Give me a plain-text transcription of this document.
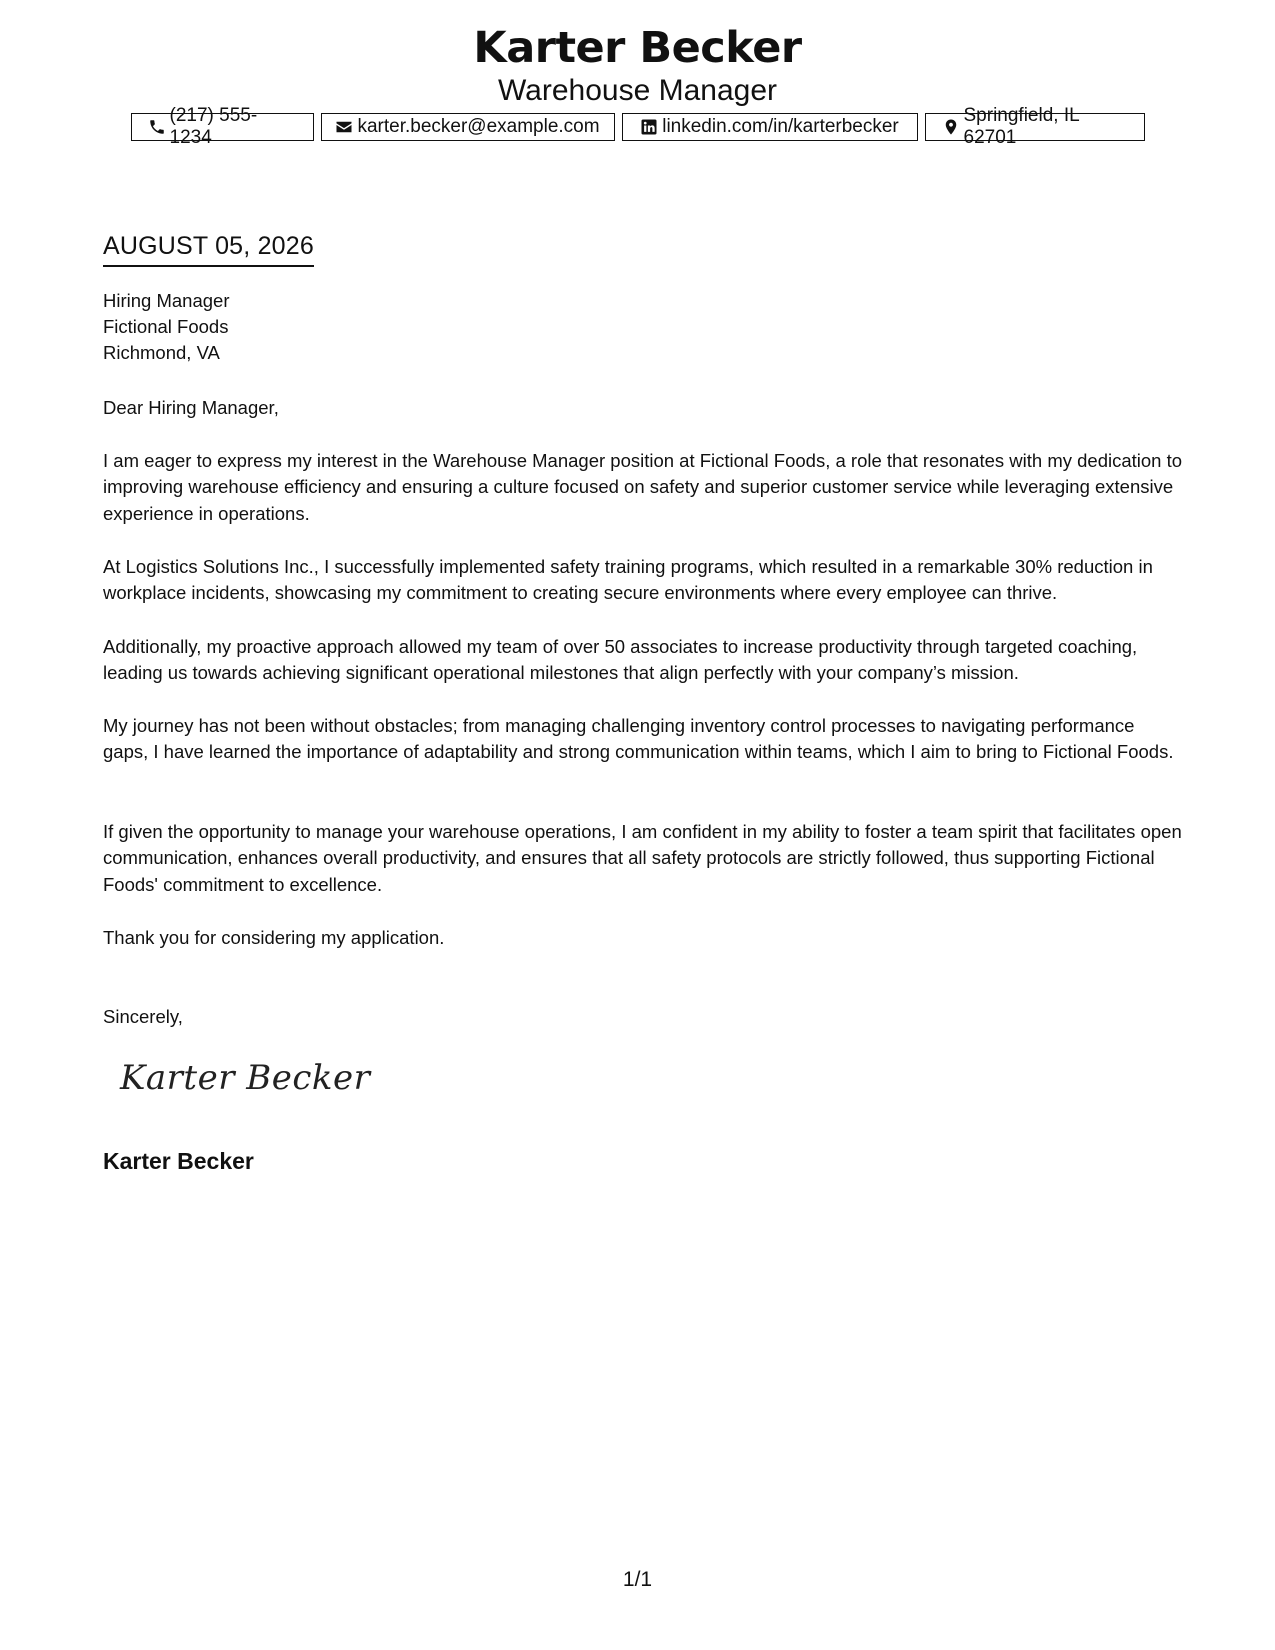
Karter Becker
Warehouse Manager
(217) 555-1234
karter.becker@example.com	linkedin.com/in/karterbecker
Springfield, IL 62701
AUGUST 05, 2026
Hiring Manager
Fictional Foods
Richmond, VA

Dear Hiring Manager,

I am eager to express my interest in the Warehouse Manager position at Fictional Foods, a role that resonates with my dedication to improving warehouse efficiency and ensuring a culture focused on safety and superior customer service while leveraging extensive experience in operations.

At Logistics Solutions Inc., I successfully implemented safety training programs, which resulted in a remarkable 30% reduction in workplace incidents, showcasing my commitment to creating secure environments where every employee can thrive.

Additionally, my proactive approach allowed my team of over 50 associates to increase productivity through targeted coaching, leading us towards achieving significant operational milestones that align perfectly with your company’s mission.

My journey has not been without obstacles; from managing challenging inventory control processes to navigating performance gaps, I have learned the importance of adaptability and strong communication within teams, which I aim to bring to Fictional Foods.

If given the opportunity to manage your warehouse operations, I am confident in my ability to foster a team spirit that facilitates open communication, enhances overall productivity, and ensures that all safety protocols are strictly followed, thus supporting Fictional Foods' commitment to excellence.

Thank you for considering my application.

Sincerely,

Karter Becker
Karter Becker
1/1
